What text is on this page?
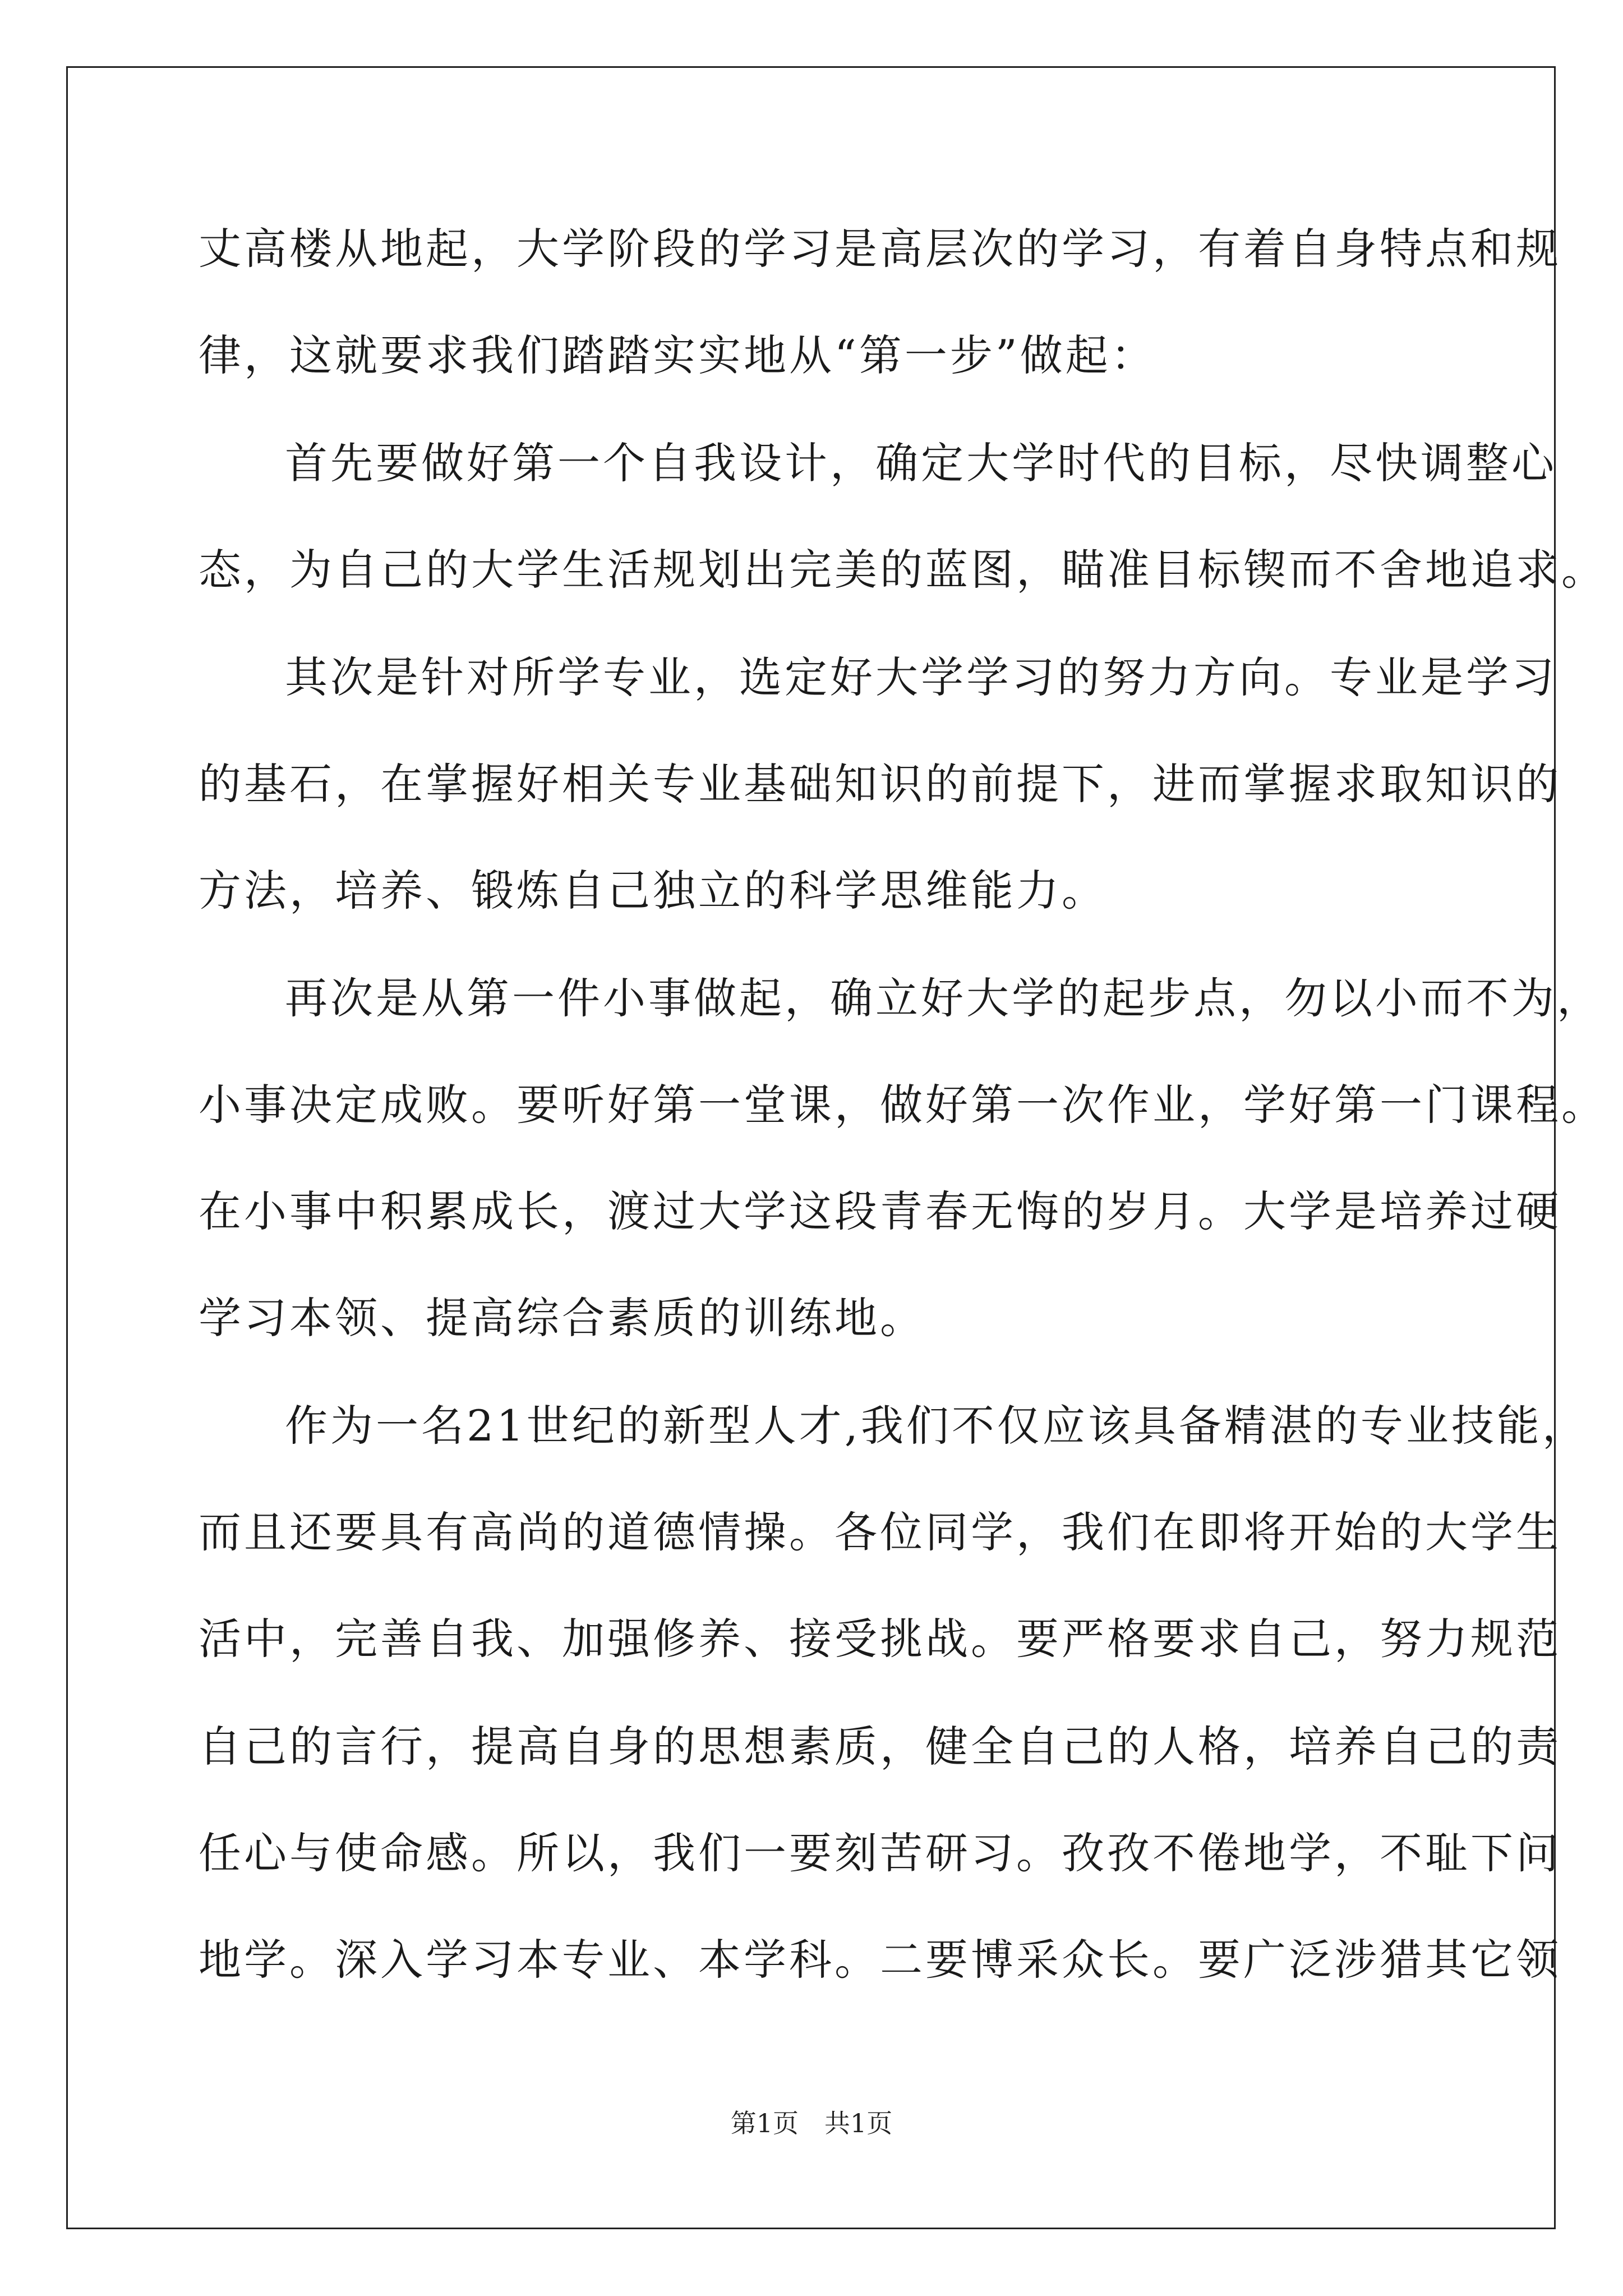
丈高楼从地起，大学阶段的学习是高层次的学习，有着自身特点和规

律，这就要求我们踏踏实实地从“第一步”做起：

首先要做好第一个自我设计，确定大学时代的目标，尽快调整心

态，为自己的大学生活规划出完美的蓝图，瞄准目标锲而不舍地追求。

其次是针对所学专业，选定好大学学习的努力方向。专业是学习

的基石，在掌握好相关专业基础知识的前提下，进而掌握求取知识的

方法，培养、锻炼自己独立的科学思维能力。

再次是从第一件小事做起，确立好大学的起步点，勿以小而不为，

小事决定成败。要听好第一堂课，做好第一次作业，学好第一门课程。

在小事中积累成长，渡过大学这段青春无悔的岁月。大学是培养过硬

学习本领、提高综合素质的训练地。

作为一名21世纪的新型人才,我们不仅应该具备精湛的专业技能，

而且还要具有高尚的道德情操。各位同学，我们在即将开始的大学生

活中，完善自我、加强修养、接受挑战。要严格要求自己，努力规范

自己的言行，提高自身的思想素质，健全自己的人格，培养自己的责

任心与使命感。所以，我们一要刻苦研习。孜孜不倦地学，不耻下问

地学。深入学习本专业、本学科。二要博采众长。要广泛涉猎其它领

第1页　共1页
